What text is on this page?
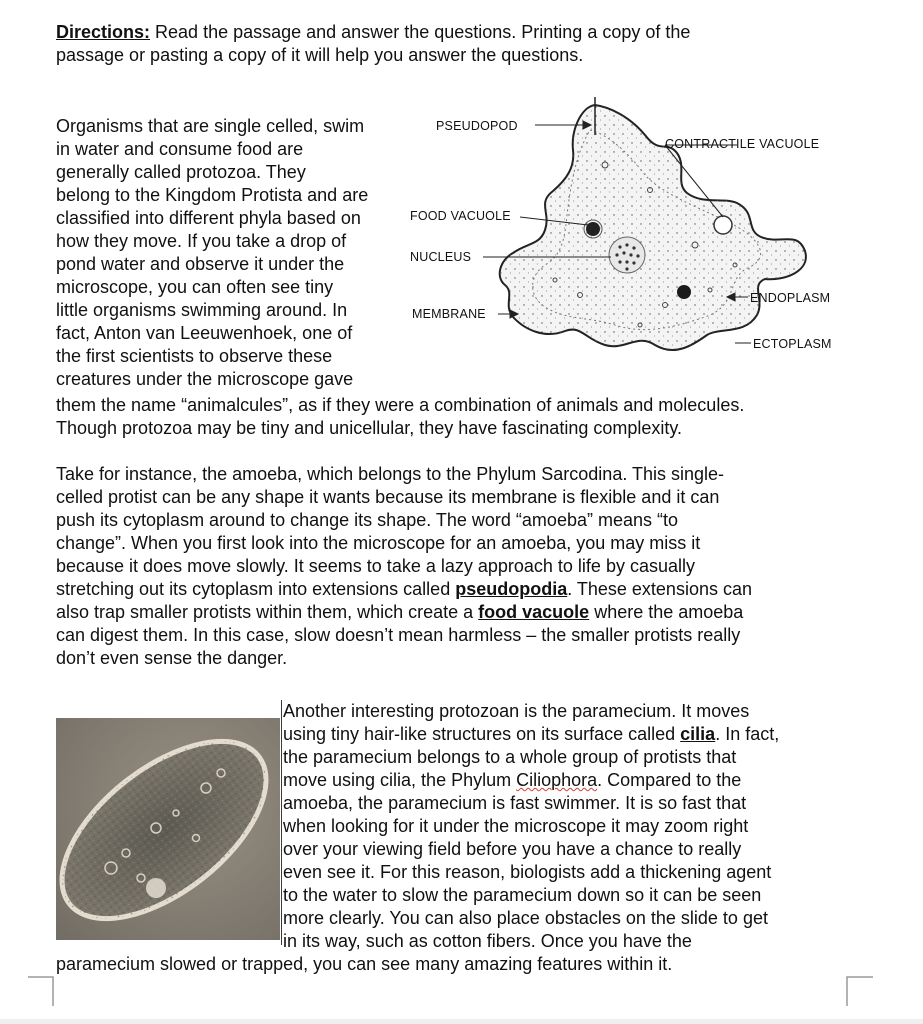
Directions: Read the passage and answer the questions. Printing a copy of the
passage or pasting a copy of it will help you answer the questions.

Organisms that are single celled, swim
in water and consume food are
generally called protozoa. They
belong to the Kingdom Protista and are
classified into different phyla based on
how they move. If you take a drop of
pond water and observe it under the
microscope, you can often see tiny
little organisms swimming around. In
fact, Anton van Leeuwenhoek, one of
the first scientists to observe these
creatures under the microscope gave
them the name “animalcules”, as if they were a combination of animals and molecules.
Though protozoa may be tiny and unicellular, they have fascinating complexity.
PSEUDOPOD
CONTRACTILE VACUOLE
FOOD VACUOLE
NUCLEUS
ENDOPLASM
MEMBRANE
ECTOPLASM
Take for instance, the amoeba, which belongs to the Phylum Sarcodina. This single-
celled protist can be any shape it wants because its membrane is flexible and it can
push its cytoplasm around to change its shape. The word “amoeba” means “to
change”. When you first look into the microscope for an amoeba, you may miss it
because it does move slowly. It seems to take a lazy approach to life by casually
stretching out its cytoplasm into extensions called pseudopodia. These extensions can
also trap smaller protists within them, which create a food vacuole where the amoeba
can digest them. In this case, slow doesn’t mean harmless – the smaller protists really
don’t even sense the danger.
Another interesting protozoan is the paramecium. It moves
using tiny hair-like structures on its surface called cilia. In fact,
the paramecium belongs to a whole group of protists that
move using cilia, the Phylum Ciliophora. Compared to the
amoeba, the paramecium is fast swimmer. It is so fast that
when looking for it under the microscope it may zoom right
over your viewing field before you have a chance to really
even see it. For this reason, biologists add a thickening agent
to the water to slow the paramecium down so it can be seen
more clearly. You can also place obstacles on the slide to get
in its way, such as cotton fibers. Once you have the
paramecium slowed or trapped, you can see many amazing features within it.
